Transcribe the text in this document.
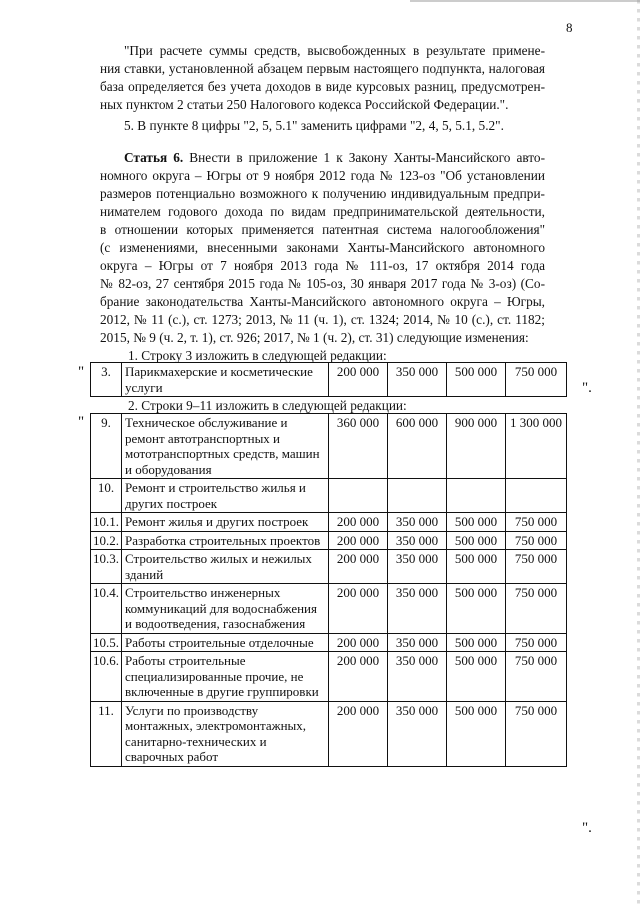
8
"При расчете суммы средств, высвобожденных в результате примене-
ния ставки, установленной абзацем первым настоящего подпункта, налоговая
база определяется без учета доходов в виде курсовых разниц, предусмотрен-
ных пунктом 2 статьи 250 Налогового кодекса Российской Федерации.".
5. В пункте 8 цифры "2, 5, 5.1" заменить цифрами "2, 4, 5, 5.1, 5.2".
Статья 6. Внести в приложение 1 к Закону Ханты-Мансийского авто-
номного округа – Югры от 9 ноября 2012 года № 123-оз "Об установлении
размеров потенциально возможного к получению индивидуальным предпри-
нимателем годового дохода по видам предпринимательской деятельности,
в отношении которых применяется патентная система налогообложения"
(с изменениями, внесенными законами Ханты-Мансийского автономного
округа – Югры от 7 ноября 2013 года № 111-оз, 17 октября 2014 года
№ 82-оз, 27 сентября 2015 года № 105-оз, 30 января 2017 года № 3-оз) (Со-
брание законодательства Ханты-Мансийского автономного округа – Югры,
2012, № 11 (с.), ст. 1273; 2013, № 11 (ч. 1), ст. 1324; 2014, № 10 (с.), ст. 1182;
2015, № 9 (ч. 2, т. 1), ст. 926; 2017, № 1 (ч. 2), ст. 31) следующие изменения:
1. Строку 3 изложить в следующей редакции:
"
".
3.	Парикмахерские и косметические услуги	200 000	350 000	500 000	750 000
2. Строки 9–11 изложить в следующей редакции:
"
".
9.	Техническое обслуживание и ремонт автотранспортных и мототранспортных средств, машин и оборудования	360 000	600 000	900 000	1 300 000
10.	Ремонт и строительство жилья и других построек				
10.1.	Ремонт жилья и других построек	200 000	350 000	500 000	750 000
10.2.	Разработка строительных проектов	200 000	350 000	500 000	750 000
10.3.	Строительство жилых и нежилых зданий	200 000	350 000	500 000	750 000
10.4.	Строительство инженерных коммуникаций для водоснабжения и водоотведения, газоснабжения	200 000	350 000	500 000	750 000
10.5.	Работы строительные отделочные	200 000	350 000	500 000	750 000
10.6.	Работы строительные специализированные прочие, не включенные в другие группировки	200 000	350 000	500 000	750 000
11.	Услуги по производству монтажных, электромонтажных, санитарно-технических и сварочных работ	200 000	350 000	500 000	750 000
